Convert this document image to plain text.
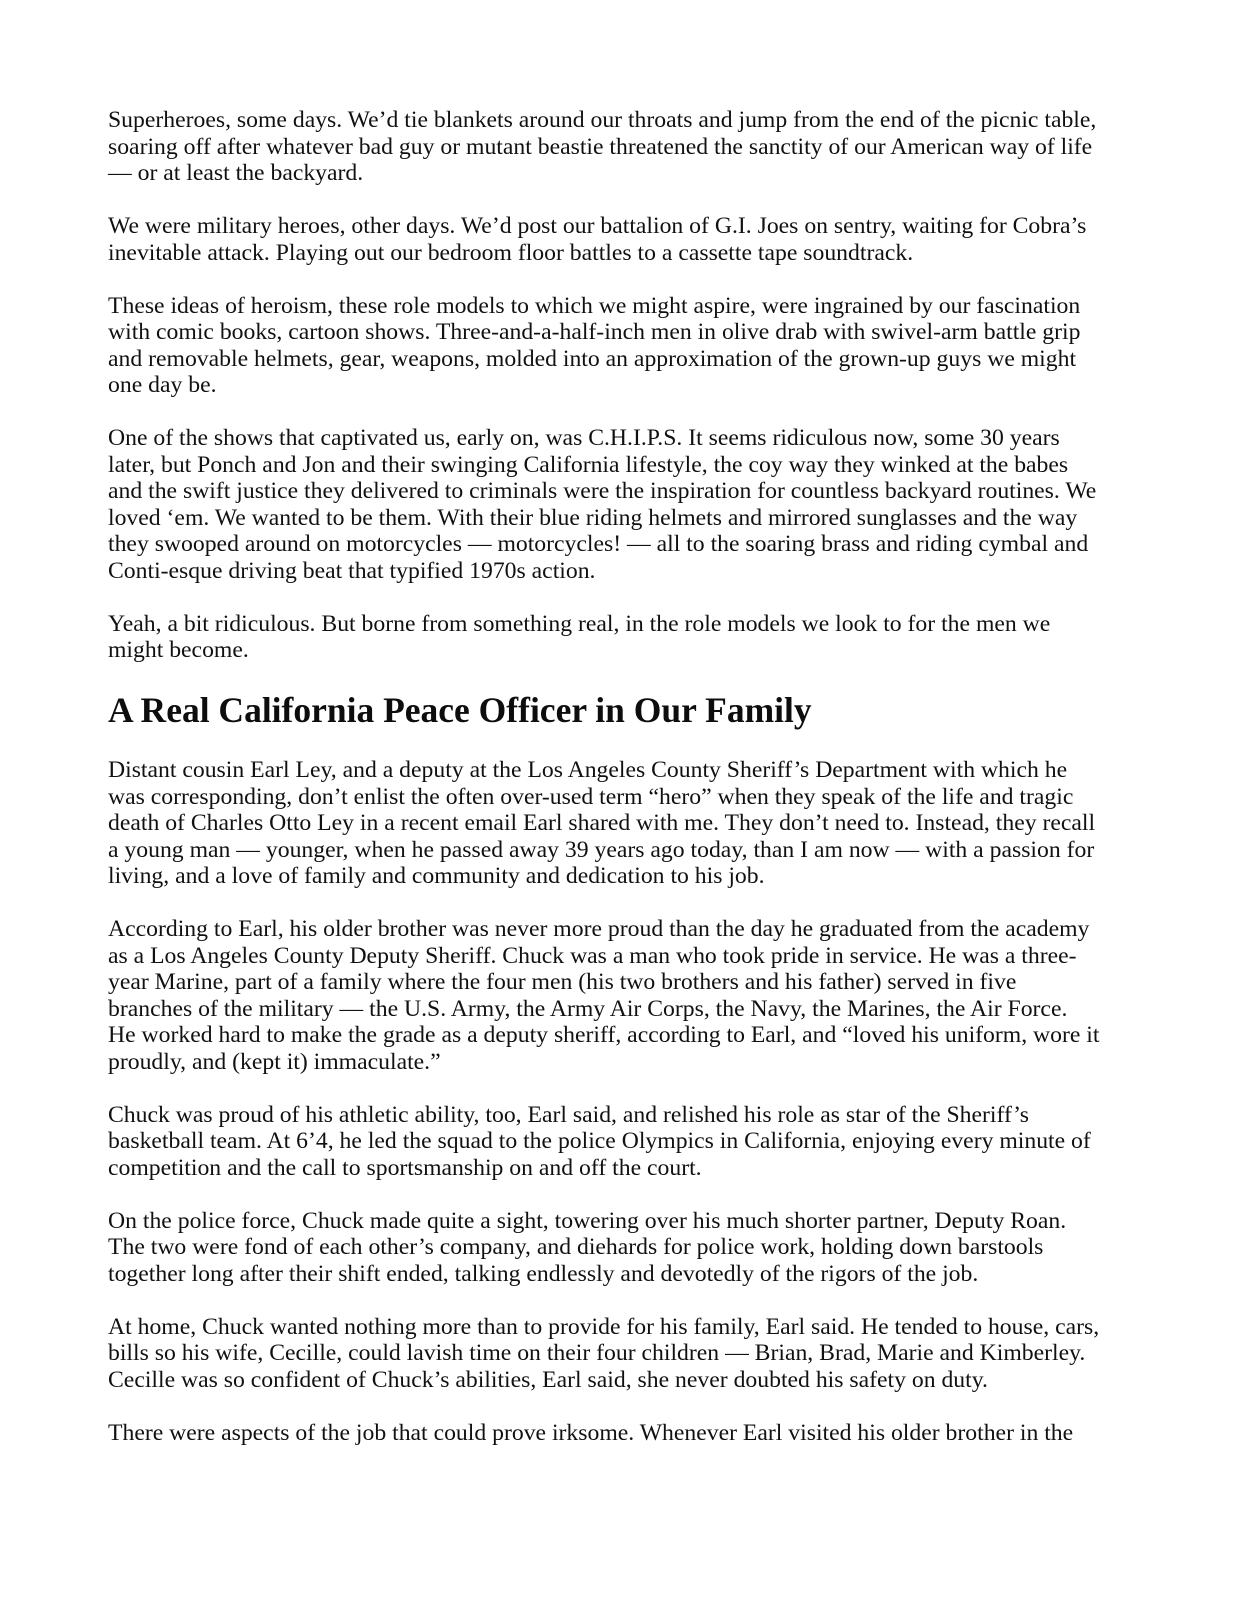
Superheroes, some days. We’d tie blankets around our throats and jump from the end of the picnic table,
soaring off after whatever bad guy or mutant beastie threatened the sanctity of our American way of life
— or at least the backyard.
We were military heroes, other days. We’d post our battalion of G.I. Joes on sentry, waiting for Cobra’s
inevitable attack. Playing out our bedroom floor battles to a cassette tape soundtrack.
These ideas of heroism, these role models to which we might aspire, were ingrained by our fascination
with comic books, cartoon shows. Three-and-a-half-inch men in olive drab with swivel-arm battle grip
and removable helmets, gear, weapons, molded into an approximation of the grown-up guys we might
one day be.
One of the shows that captivated us, early on, was C.H.I.P.S. It seems ridiculous now, some 30 years
later, but Ponch and Jon and their swinging California lifestyle, the coy way they winked at the babes
and the swift justice they delivered to criminals were the inspiration for countless backyard routines. We
loved ‘em. We wanted to be them. With their blue riding helmets and mirrored sunglasses and the way
they swooped around on motorcycles — motorcycles! — all to the soaring brass and riding cymbal and
Conti-esque driving beat that typified 1970s action.
Yeah, a bit ridiculous. But borne from something real, in the role models we look to for the men we
might become.
A Real California Peace Officer in Our Family
Distant cousin Earl Ley, and a deputy at the Los Angeles County Sheriff’s Department with which he
was corresponding, don’t enlist the often over-used term “hero” when they speak of the life and tragic
death of Charles Otto Ley in a recent email Earl shared with me. They don’t need to. Instead, they recall
a young man — younger, when he passed away 39 years ago today, than I am now — with a passion for
living, and a love of family and community and dedication to his job.
According to Earl, his older brother was never more proud than the day he graduated from the academy
as a Los Angeles County Deputy Sheriff. Chuck was a man who took pride in service. He was a three-
year Marine, part of a family where the four men (his two brothers and his father) served in five
branches of the military — the U.S. Army, the Army Air Corps, the Navy, the Marines, the Air Force.
He worked hard to make the grade as a deputy sheriff, according to Earl, and “loved his uniform, wore it
proudly, and (kept it) immaculate.”
Chuck was proud of his athletic ability, too, Earl said, and relished his role as star of the Sheriff’s
basketball team. At 6’4, he led the squad to the police Olympics in California, enjoying every minute of
competition and the call to sportsmanship on and off the court.
On the police force, Chuck made quite a sight, towering over his much shorter partner, Deputy Roan.
The two were fond of each other’s company, and diehards for police work, holding down barstools
together long after their shift ended, talking endlessly and devotedly of the rigors of the job.
At home, Chuck wanted nothing more than to provide for his family, Earl said. He tended to house, cars,
bills so his wife, Cecille, could lavish time on their four children — Brian, Brad, Marie and Kimberley.
Cecille was so confident of Chuck’s abilities, Earl said, she never doubted his safety on duty.
There were aspects of the job that could prove irksome. Whenever Earl visited his older brother in the
